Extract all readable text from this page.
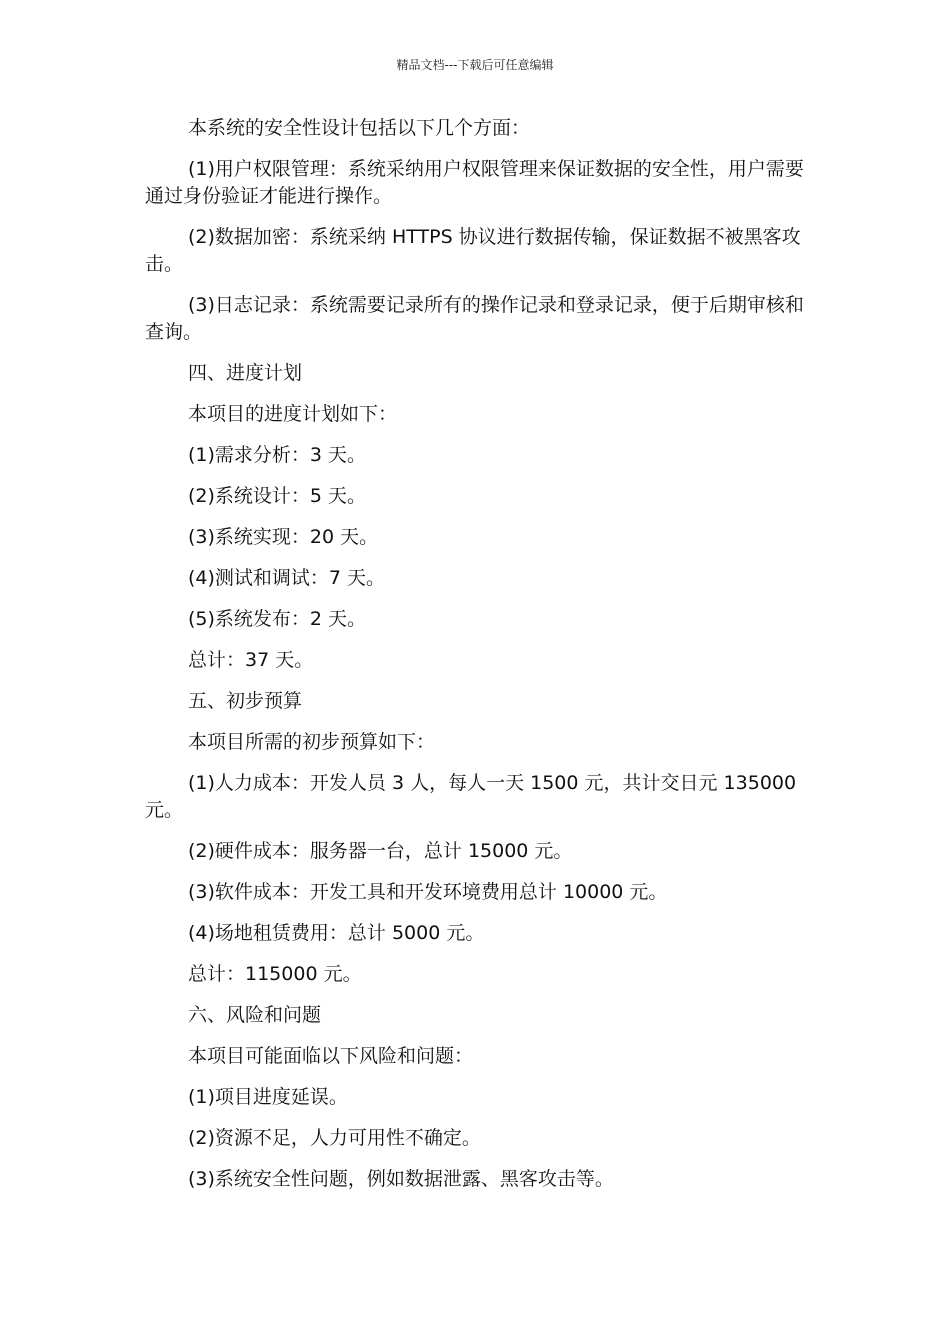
精品文档---下载后可任意编辑

本系统的安全性设计包括以下几个方面：

(1)用户权限管理：系统采纳用户权限管理来保证数据的安全性，用户需要通过身份验证才能进行操作。

(2)数据加密：系统采纳 HTTPS 协议进行数据传输，保证数据不被黑客攻击。

(3)日志记录：系统需要记录所有的操作记录和登录记录，便于后期审核和查询。

四、进度计划

本项目的进度计划如下：

(1)需求分析：3 天。

(2)系统设计：5 天。

(3)系统实现：20 天。

(4)测试和调试：7 天。

(5)系统发布：2 天。

总计：37 天。

五、初步预算

本项目所需的初步预算如下：

(1)人力成本：开发人员 3 人，每人一天 1500 元，共计交日元 135000 元。

(2)硬件成本：服务器一台，总计 15000 元。

(3)软件成本：开发工具和开发环境费用总计 10000 元。

(4)场地租赁费用：总计 5000 元。

总计：115000 元。

六、风险和问题

本项目可能面临以下风险和问题：

(1)项目进度延误。

(2)资源不足，人力可用性不确定。

(3)系统安全性问题，例如数据泄露、黑客攻击等。
